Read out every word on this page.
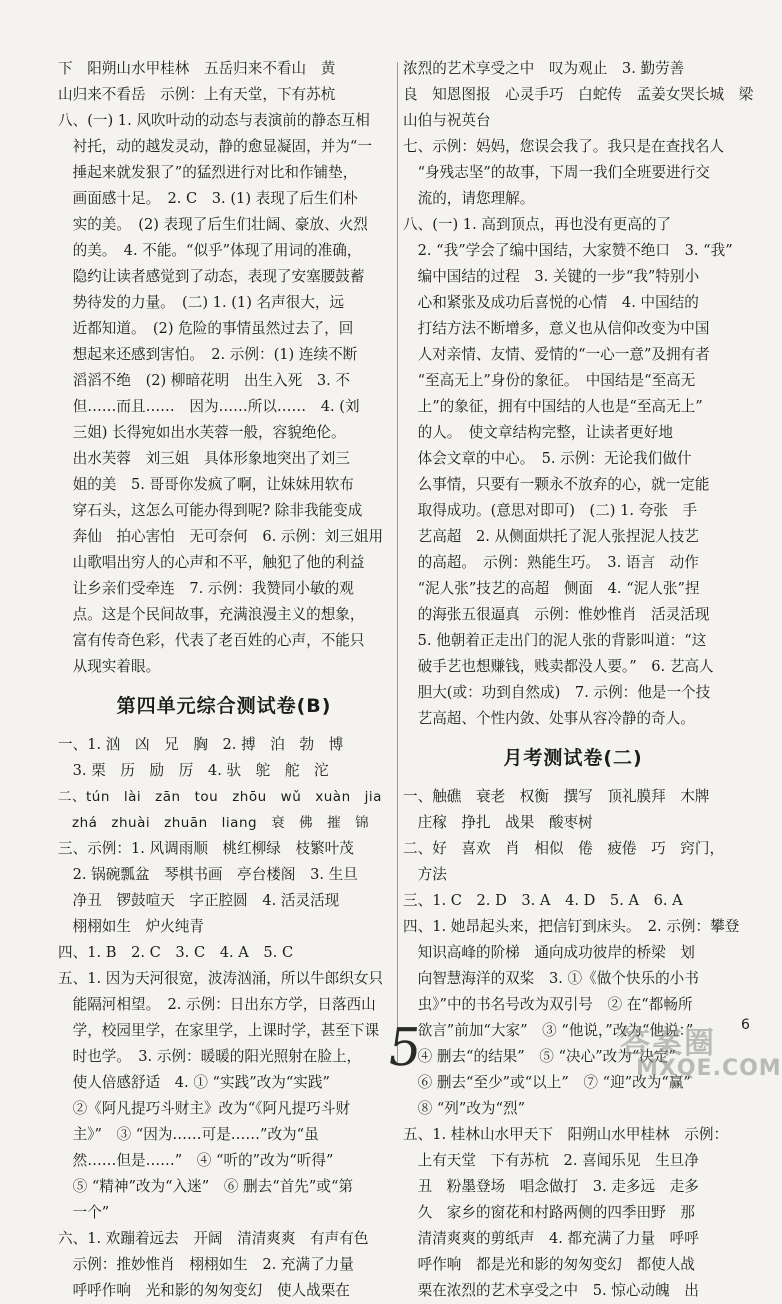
下　阳朔山水甲桂林　五岳归来不看山　黄
山归来不看岳　示例：上有天堂，下有苏杭
八、(一) 1. 风吹叶动的动态与表演前的静态互相
　衬托，动的越发灵动，静的愈显凝固，并为“一
　捶起来就发狠了”的猛烈进行对比和作铺垫，
　画面感十足。　2. C　3. (1) 表现了后生们朴
　实的美。　(2) 表现了后生们壮阔、豪放、火烈
　的美。　4. 不能。“似乎”体现了用词的准确，
　隐约让读者感觉到了动态，表现了安塞腰鼓蓄
　势待发的力量。　(二) 1. (1) 名声很大，远
　近都知道。　(2) 危险的事情虽然过去了，回
　想起来还感到害怕。　2. 示例：(1) 连续不断
　滔滔不绝　(2) 柳暗花明　出生入死　3. 不
　但……而且……　因为……所以……　4. (刘
　三姐) 长得宛如出水芙蓉一般，容貌绝伦。
　出水芙蓉　刘三姐　具体形象地突出了刘三
　姐的美　5. 哥哥你发疯了啊，让妹妹用软布
　穿石头，这怎么可能办得到呢? 除非我能变成
　奔仙　拍心害怕　无可奈何　6. 示例：刘三姐用
　山歌唱出穷人的心声和不平，触犯了他的利益
　让乡亲们受牵连　7. 示例：我赞同小敏的观
　点。这是个民间故事，充满浪漫主义的想象，
　富有传奇色彩，代表了老百姓的心声，不能只
　从现实着眼。
第四单元综合测试卷(B)
一、1. 汹　凶　兄　胸　2. 搏　泊　勃　博
　3. 栗　历　励　厉　4. 驮　鸵　舵　沱
二、tún　lài　zān　tou　zhōu　wǔ　xuàn　jia
　zhá　zhuài　zhuān　liang　衰　佛　摧　锦
三、示例：1. 风调雨顺　桃红柳绿　枝繁叶茂
　2. 锅碗瓢盆　琴棋书画　亭台楼阁　3. 生旦
　净丑　锣鼓喧天　字正腔圆　4. 活灵活现
　栩栩如生　炉火纯青
四、1. B　2. C　3. C　4. A　5. C
五、1. 因为天河很宽，波涛汹涌，所以牛郎织女只
　能隔河相望。　2. 示例：日出东方学，日落西山
　学，校园里学，在家里学，上课时学，甚至下课
　时也学。　3. 示例：暖暖的阳光照射在脸上，
　使人倍感舒适　4. ① “实践”改为“实践”
　②《阿凡提巧斗财主》改为“《阿凡提巧斗财
　主》”　③ “因为……可是……”改为“虽
　然……但是……”　④ “听的”改为“听得”
　⑤ “精神”改为“入迷”　⑥ 删去“首先”或“第
　一个”
六、1. 欢蹦着远去　开阔　清清爽爽　有声有色
　示例：推妙惟肖　栩栩如生　2. 充满了力量
　呼呼作响　光和影的匆匆变幻　使人战栗在
浓烈的艺术享受之中　叹为观止　3. 勤劳善
良　知恩图报　心灵手巧　白蛇传　孟姜女哭长城　梁
山伯与祝英台
七、示例：妈妈，您误会我了。我只是在查找名人
　“身残志坚”的故事，下周一我们全班要进行交
　流的，请您理解。
八、(一) 1. 高到顶点，再也没有更高的了
　2. “我”学会了编中国结，大家赞不绝口　3. “我”
　编中国结的过程　3. 关键的一步“我”特别小
　心和紧张及成功后喜悦的心情　4. 中国结的
　打结方法不断增多，意义也从信仰改变为中国
　人对亲情、友情、爱情的“一心一意”及拥有者
　“至高无上”身份的象征。　中国结是“至高无
　上”的象征，拥有中国结的人也是“至高无上”
　的人。　使文章结构完整，让读者更好地
　体会文章的中心。　5. 示例：无论我们做什
　么事情，只要有一颗永不放弃的心，就一定能
　取得成功。(意思对即可)　(二) 1. 夸张　手
　艺高超　2. 从侧面烘托了泥人张捏泥人技艺
　的高超。　示例：熟能生巧。　3. 语言　动作
　“泥人张”技艺的高超　侧面　4. “泥人张”捏
　的海张五很逼真　示例：惟妙惟肖　活灵活现
　5. 他朝着正走出门的泥人张的背影叫道：“这
　破手艺也想赚钱，贱卖都没人要。”　6. 艺高人
　胆大(或：功到自然成)　7. 示例：他是一个技
　艺高超、个性内敛、处事从容冷静的奇人。
月考测试卷(二)
一、触礁　衰老　权衡　撰写　顶礼膜拜　木牌
　庄稼　挣扎　战果　酸枣树
二、好　喜欢　肖　相似　倦　疲倦　巧　窍门，
　方法
三、1. C　2. D　3. A　4. D　5. A　6. A
四、1. 她昂起头来，把信钉到床头。　2. 示例：攀登
　知识高峰的阶梯　通向成功彼岸的桥梁　划
　向智慧海洋的双桨　3. ①《做个快乐的小书
　虫》”中的书名号改为双引号　② 在“都畅所
　欲言”前加“大家”　③ “他说，”改为“他说：”
　④ 删去“的结果”　⑤ “决心”改为“决定”
　⑥ 删去“至少”或“以上”　⑦ “迎”改为“赢”
　⑧ “列”改为“烈”
五、1. 桂林山水甲天下　阳朔山水甲桂林　示例：
　上有天堂　下有苏杭　2. 喜闻乐见　生旦净
　丑　粉墨登场　唱念做打　3. 走多远　走多
　久　家乡的窗花和村路两侧的四季田野　那
　清清爽爽的剪纸声　4. 都充满了力量　呼呼
　呼作响　都是光和影的匆匆变幻　都使人战
　栗在浓烈的艺术享受之中　5. 惊心动魄　出
5	6
答案圈
MXQE.COM
